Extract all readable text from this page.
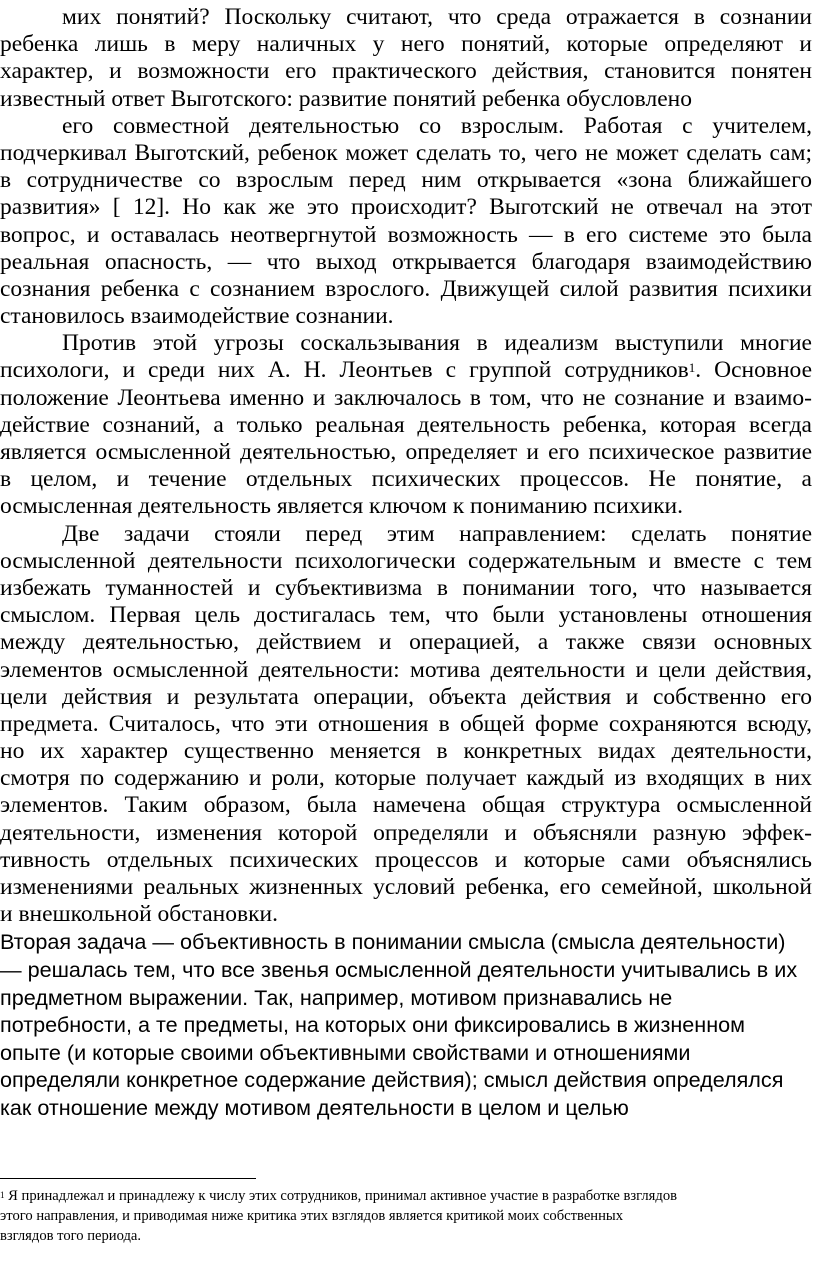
мих понятий? Поскольку считают, что среда отражается в сознании
ребенка лишь в меру наличных у него понятий, которые определяют и
характер, и возможности его практического действия, становится понятен
известный ответ Выготского: развитие понятий ребенка обусловлено
его совместной деятельностью со взрослым. Работая с учителем,
подчеркивал Выготский, ребенок может сделать то, чего не может сделать сам;
в сотрудничестве со взрослым перед ним открывается «зона ближайшего
развития» [ 12]. Но как же это происходит? Выготский не отвечал на этот
вопрос, и оставалась неотвергнутой возможность — в его системе это была
реальная опасность, — что выход открывается благодаря взаимодействию
сознания ребенка с сознанием взрослого. Движущей силой развития психики
становилось взаимодействие сознании.
Против этой угрозы соскальзывания в идеализм выступили многие
психологи, и среди них А. Н. Леонтьев с группой сотрудников$^1$. Основное
положение Леонтьева именно и заключалось в том, что не сознание и взаимо-
действие сознаний, а только реальная деятельность ребенка, которая всегда
является осмысленной деятельностью, определяет и его психическое развитие
в целом, и течение отдельных психических процессов. Не понятие, а
осмысленная деятельность является ключом к пониманию психики.
Две задачи стояли перед этим направлением: сделать понятие
осмысленной деятельности психологически содержательным и вместе с тем
избежать туманностей и субъективизма в понимании того, что называется
смыслом. Первая цель достигалась тем, что были установлены отношения
между деятельностью, действием и операцией, а также связи основных
элементов осмысленной деятельности: мотива деятельности и цели действия,
цели действия и результата операции, объекта действия и собственно его
предмета. Считалось, что эти отношения в общей форме сохраняются всюду,
но их характер существенно меняется в конкретных видах деятельности,
смотря по содержанию и роли, которые получает каждый из входящих в них
элементов. Таким образом, была намечена общая структура осмысленной
деятельности, изменения которой определяли и объясняли разную эффек-
тивность отдельных психических процессов и которые сами объяснялись
изменениями реальных жизненных условий ребенка, его семейной, школьной
и внешкольной обстановки.
Вторая задача — объективность в понимании смысла (смысла деятельности)
— решалась тем, что все звенья осмысленной деятельности учитывались в их
предметном выражении. Так, например, мотивом признавались не
потребности, а те предметы, на которых они фиксировались в жизненном
опыте (и которые своими объективными свойствами и отношениями
определяли конкретное содержание действия); смысл действия определялся
как отношение между мотивом деятельности в целом и целью
$^1$ Я принадлежал и принадлежу к числу этих сотрудников, принимал активное участие в разработке взглядов
этого направления, и приводимая ниже критика этих взглядов является критикой моих собственных
взглядов того периода.
